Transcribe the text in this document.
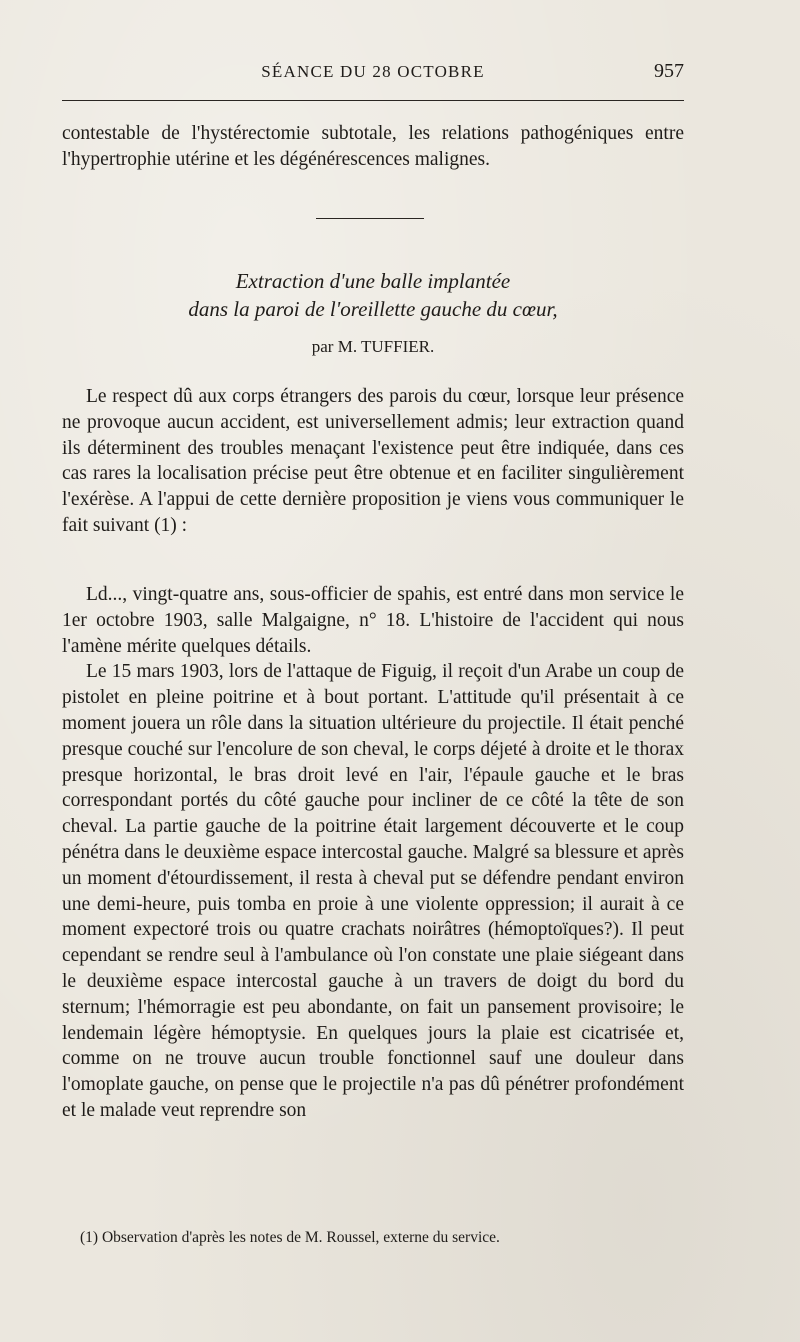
SÉANCE DU 28 OCTOBRE	957

contestable de l'hystérectomie subtotale, les relations pathogéniques entre l'hypertrophie utérine et les dégénérescences malignes.

Extraction d'une balle implantée
dans la paroi de l'oreillette gauche du cœur,
par M. TUFFIER.

Le respect dû aux corps étrangers des parois du cœur, lorsque leur présence ne provoque aucun accident, est universellement admis; leur extraction quand ils déterminent des troubles menaçant l'existence peut être indiquée, dans ces cas rares la localisation précise peut être obtenue et en faciliter singulièrement l'exérèse. A l'appui de cette dernière proposition je viens vous communiquer le fait suivant (1) :

Ld..., vingt-quatre ans, sous-officier de spahis, est entré dans mon service le 1er octobre 1903, salle Malgaigne, n° 18. L'histoire de l'accident qui nous l'amène mérite quelques détails.

Le 15 mars 1903, lors de l'attaque de Figuig, il reçoit d'un Arabe un coup de pistolet en pleine poitrine et à bout portant. L'attitude qu'il présentait à ce moment jouera un rôle dans la situation ultérieure du projectile. Il était penché presque couché sur l'encolure de son cheval, le corps déjeté à droite et le thorax presque horizontal, le bras droit levé en l'air, l'épaule gauche et le bras correspondant portés du côté gauche pour incliner de ce côté la tête de son cheval. La partie gauche de la poitrine était largement découverte et le coup pénétra dans le deuxième espace intercostal gauche. Malgré sa blessure et après un moment d'étourdissement, il resta à cheval put se défendre pendant environ une demi-heure, puis tomba en proie à une violente oppression; il aurait à ce moment expectoré trois ou quatre crachats noirâtres (hémoptoïques?). Il peut cependant se rendre seul à l'ambulance où l'on constate une plaie siégeant dans le deuxième espace intercostal gauche à un travers de doigt du bord du sternum; l'hémorragie est peu abondante, on fait un pansement provisoire; le lendemain légère hémoptysie. En quelques jours la plaie est cicatrisée et, comme on ne trouve aucun trouble fonctionnel sauf une douleur dans l'omoplate gauche, on pense que le projectile n'a pas dû pénétrer profondément et le malade veut reprendre son

(1) Observation d'après les notes de M. Roussel, externe du service.
